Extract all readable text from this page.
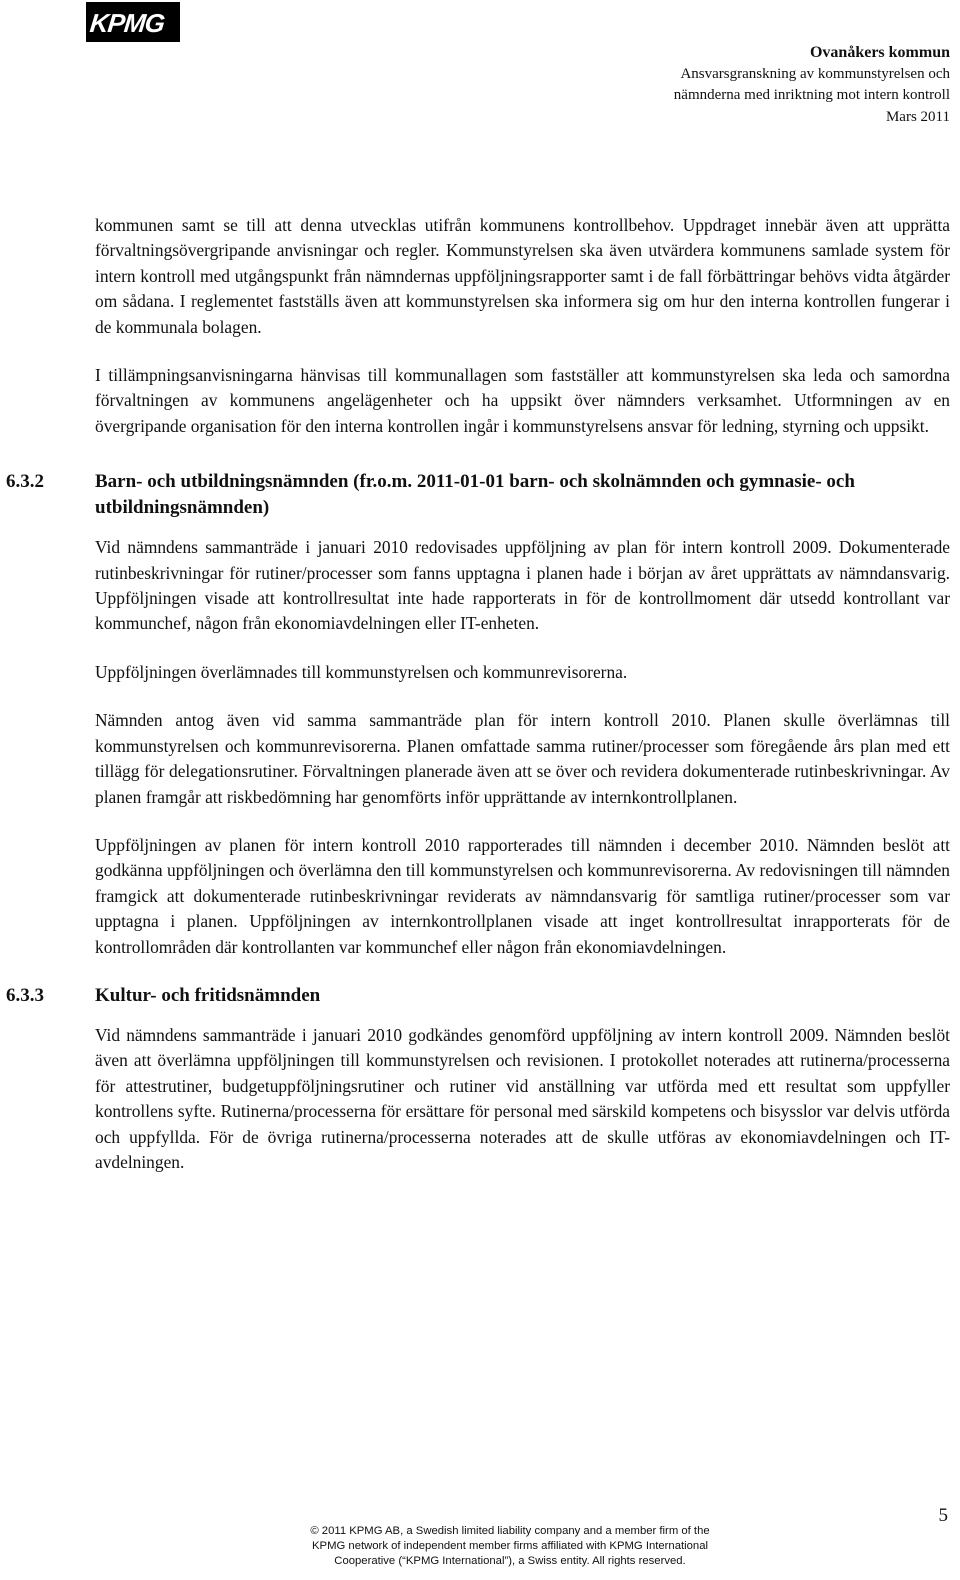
KPMG
Ovanåkers kommun
Ansvarsgranskning av kommunstyrelsen och
nämnderna med inriktning mot intern kontroll
Mars 2011

kommunen samt se till att denna utvecklas utifrån kommunens kontrollbehov. Uppdraget innebär även att upprätta förvaltningsövergripande anvisningar och regler. Kommunstyrelsen ska även utvärdera kommunens samlade system för intern kontroll med utgångspunkt från nämndernas uppföljningsrapporter samt i de fall förbättringar behövs vidta åtgärder om sådana. I reglementet fastställs även att kommunstyrelsen ska informera sig om hur den interna kontrollen fungerar i de kommunala bolagen.

I tillämpningsanvisningarna hänvisas till kommunallagen som fastställer att kommunstyrelsen ska leda och samordna förvaltningen av kommunens angelägenheter och ha uppsikt över nämnders verksamhet. Utformningen av en övergripande organisation för den interna kontrollen ingår i kommunstyrelsens ansvar för ledning, styrning och uppsikt.

6.3.2	Barn- och utbildningsnämnden (fr.o.m. 2011-01-01 barn- och skolnämnden och gymnasie- och utbildningsnämnden)

Vid nämndens sammanträde i januari 2010 redovisades uppföljning av plan för intern kontroll 2009. Dokumenterade rutinbeskrivningar för rutiner/processer som fanns upptagna i planen hade i början av året upprättats av nämndansvarig. Uppföljningen visade att kontrollresultat inte hade rapporterats in för de kontrollmoment där utsedd kontrollant var kommunchef, någon från ekonomiavdelningen eller IT-enheten.

Uppföljningen överlämnades till kommunstyrelsen och kommunrevisorerna.

Nämnden antog även vid samma sammanträde plan för intern kontroll 2010. Planen skulle överlämnas till kommunstyrelsen och kommunrevisorerna. Planen omfattade samma rutiner/processer som föregående års plan med ett tillägg för delegationsrutiner. Förvaltningen planerade även att se över och revidera dokumenterade rutinbeskrivningar. Av planen framgår att riskbedömning har genomförts inför upprättande av internkontrollplanen.

Uppföljningen av planen för intern kontroll 2010 rapporterades till nämnden i december 2010. Nämnden beslöt att godkänna uppföljningen och överlämna den till kommunstyrelsen och kommunrevisorerna. Av redovisningen till nämnden framgick att dokumenterade rutinbeskrivningar reviderats av nämndansvarig för samtliga rutiner/processer som var upptagna i planen. Uppföljningen av internkontrollplanen visade att inget kontrollresultat inrapporterats för de kontrollområden där kontrollanten var kommunchef eller någon från ekonomiavdelningen.

6.3.3	Kultur- och fritidsnämnden

Vid nämndens sammanträde i januari 2010 godkändes genomförd uppföljning av intern kontroll 2009. Nämnden beslöt även att överlämna uppföljningen till kommunstyrelsen och revisionen. I protokollet noterades att rutinerna/processerna för attestrutiner, budgetuppföljningsrutiner och rutiner vid anställning var utförda med ett resultat som uppfyller kontrollens syfte. Rutinerna/processerna för ersättare för personal med särskild kompetens och bisysslor var delvis utförda och uppfyllda. För de övriga rutinerna/processerna noterades att de skulle utföras av ekonomiavdelningen och IT-avdelningen.

© 2011 KPMG AB, a Swedish limited liability company and a member firm of the
KPMG network of independent member firms affiliated with KPMG International
Cooperative (“KPMG International”), a Swiss entity. All rights reserved.
5
